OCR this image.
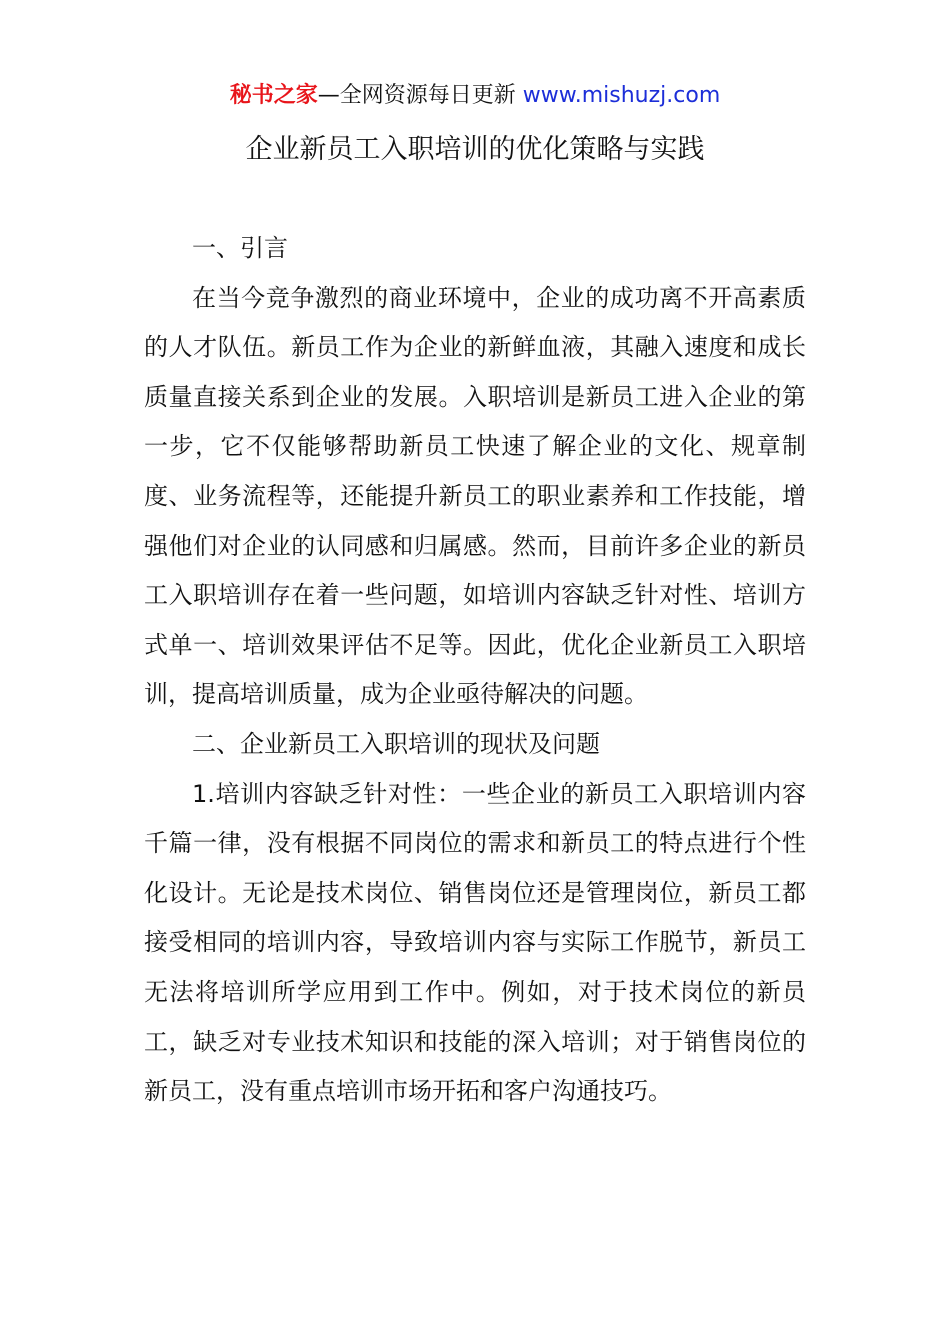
秘书之家—全网资源每日更新 www.mishuzj.com
企业新员工入职培训的优化策略与实践

一、引言

在当今竞争激烈的商业环境中，企业的成功离不开高素质的人才队伍。新员工作为企业的新鲜血液，其融入速度和成长质量直接关系到企业的发展。入职培训是新员工进入企业的第一步，它不仅能够帮助新员工快速了解企业的文化、规章制度、业务流程等，还能提升新员工的职业素养和工作技能，增强他们对企业的认同感和归属感。然而，目前许多企业的新员工入职培训存在着一些问题，如培训内容缺乏针对性、培训方式单一、培训效果评估不足等。因此，优化企业新员工入职培训，提高培训质量，成为企业亟待解决的问题。

二、企业新员工入职培训的现状及问题

1.培训内容缺乏针对性：一些企业的新员工入职培训内容千篇一律，没有根据不同岗位的需求和新员工的特点进行个性化设计。无论是技术岗位、销售岗位还是管理岗位，新员工都接受相同的培训内容，导致培训内容与实际工作脱节，新员工无法将培训所学应用到工作中。例如，对于技术岗位的新员工，缺乏对专业技术知识和技能的深入培训；对于销售岗位的新员工，没有重点培训市场开拓和客户沟通技巧。
